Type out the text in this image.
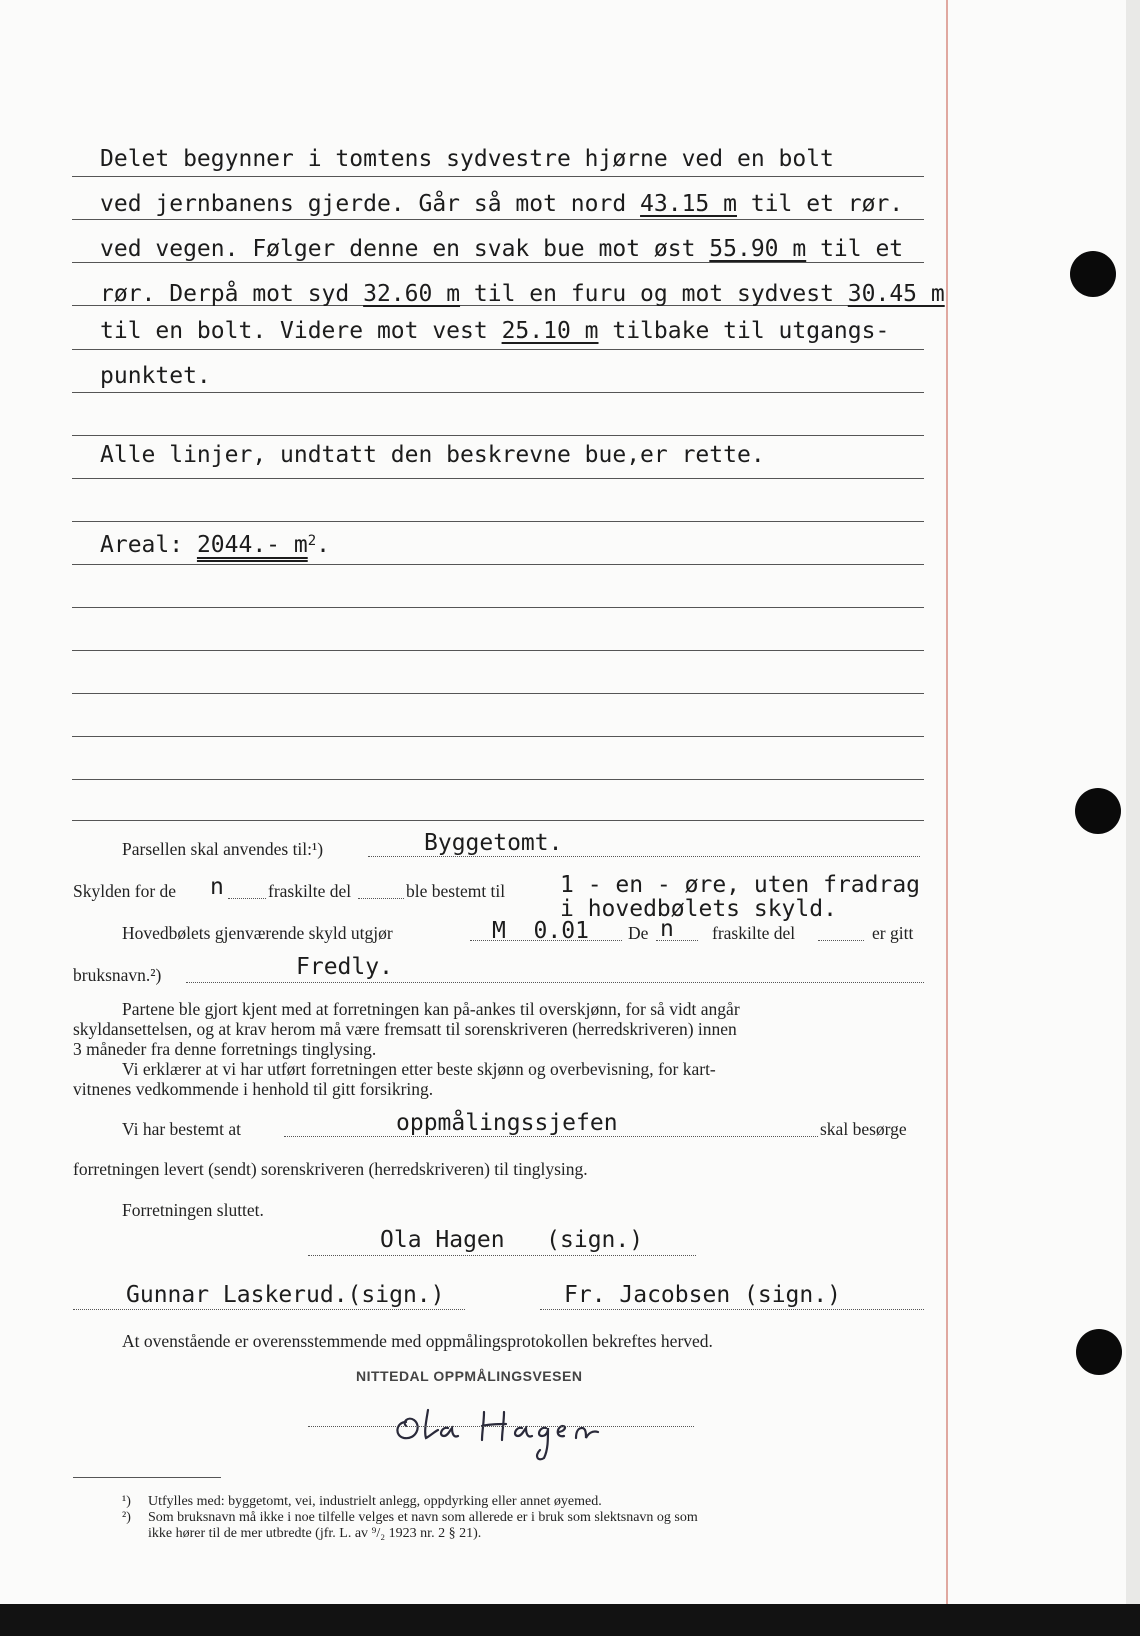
Delet begynner i tomtens sydvestre hjørne ved en bolt
ved jernbanens gjerde. Går så mot nord 43.15 m til et rør.
ved vegen. Følger denne en svak bue mot øst 55.90 m til et
rør. Derpå mot syd 32.60 m til en furu og mot sydvest 30.45 m
til en bolt. Videre mot vest 25.10 m tilbake til utgangs-
punktet.
Alle linjer, undtatt den beskrevne bue,er rette.
Areal: 2044.- $m^2$.
Parsellen skal anvendes til:¹)	Byggetomt.
Skylden for de n	fraskilte del	ble bestemt til 1 - en - øre, uten fradrag
i hovedbølets skyld.
Hovedbølets gjenværende skyld utgjør	M  0.01 De n fraskilte del	er gitt
bruksnavn.²)	Fredly.
Partene ble gjort kjent med at forretningen kan på-ankes til overskjønn, for så vidt angår
skyldansettelsen, og at krav herom må være fremsatt til sorenskriveren (herredskriveren) innen
3 måneder fra denne forretnings tinglysing.
Vi erklærer at vi har utført forretningen etter beste skjønn og overbevisning, for kart-
vitnenes vedkommende i henhold til gitt forsikring.
Vi har bestemt at	oppmålingssjefen	skal besørge
forretningen levert (sendt) sorenskriveren (herredskriveren) til tinglysing.
Forretningen sluttet.
Ola Hagen   (sign.)
Gunnar Laskerud.(sign.)	Fr. Jacobsen (sign.)
At ovenstående er overensstemmende med oppmålingsprotokollen bekreftes herved.
NITTEDAL OPPMÅLINGSVESEN
¹) Utfylles med: byggetomt, vei, industrielt anlegg, oppdyrking eller annet øyemed.
²) Som bruksnavn må ikke i noe tilfelle velges et navn som allerede er i bruk som slektsnavn og som
ikke hører til de mer utbredte (jfr. L. av ⁹/₂ 1923 nr. 2 § 21).
